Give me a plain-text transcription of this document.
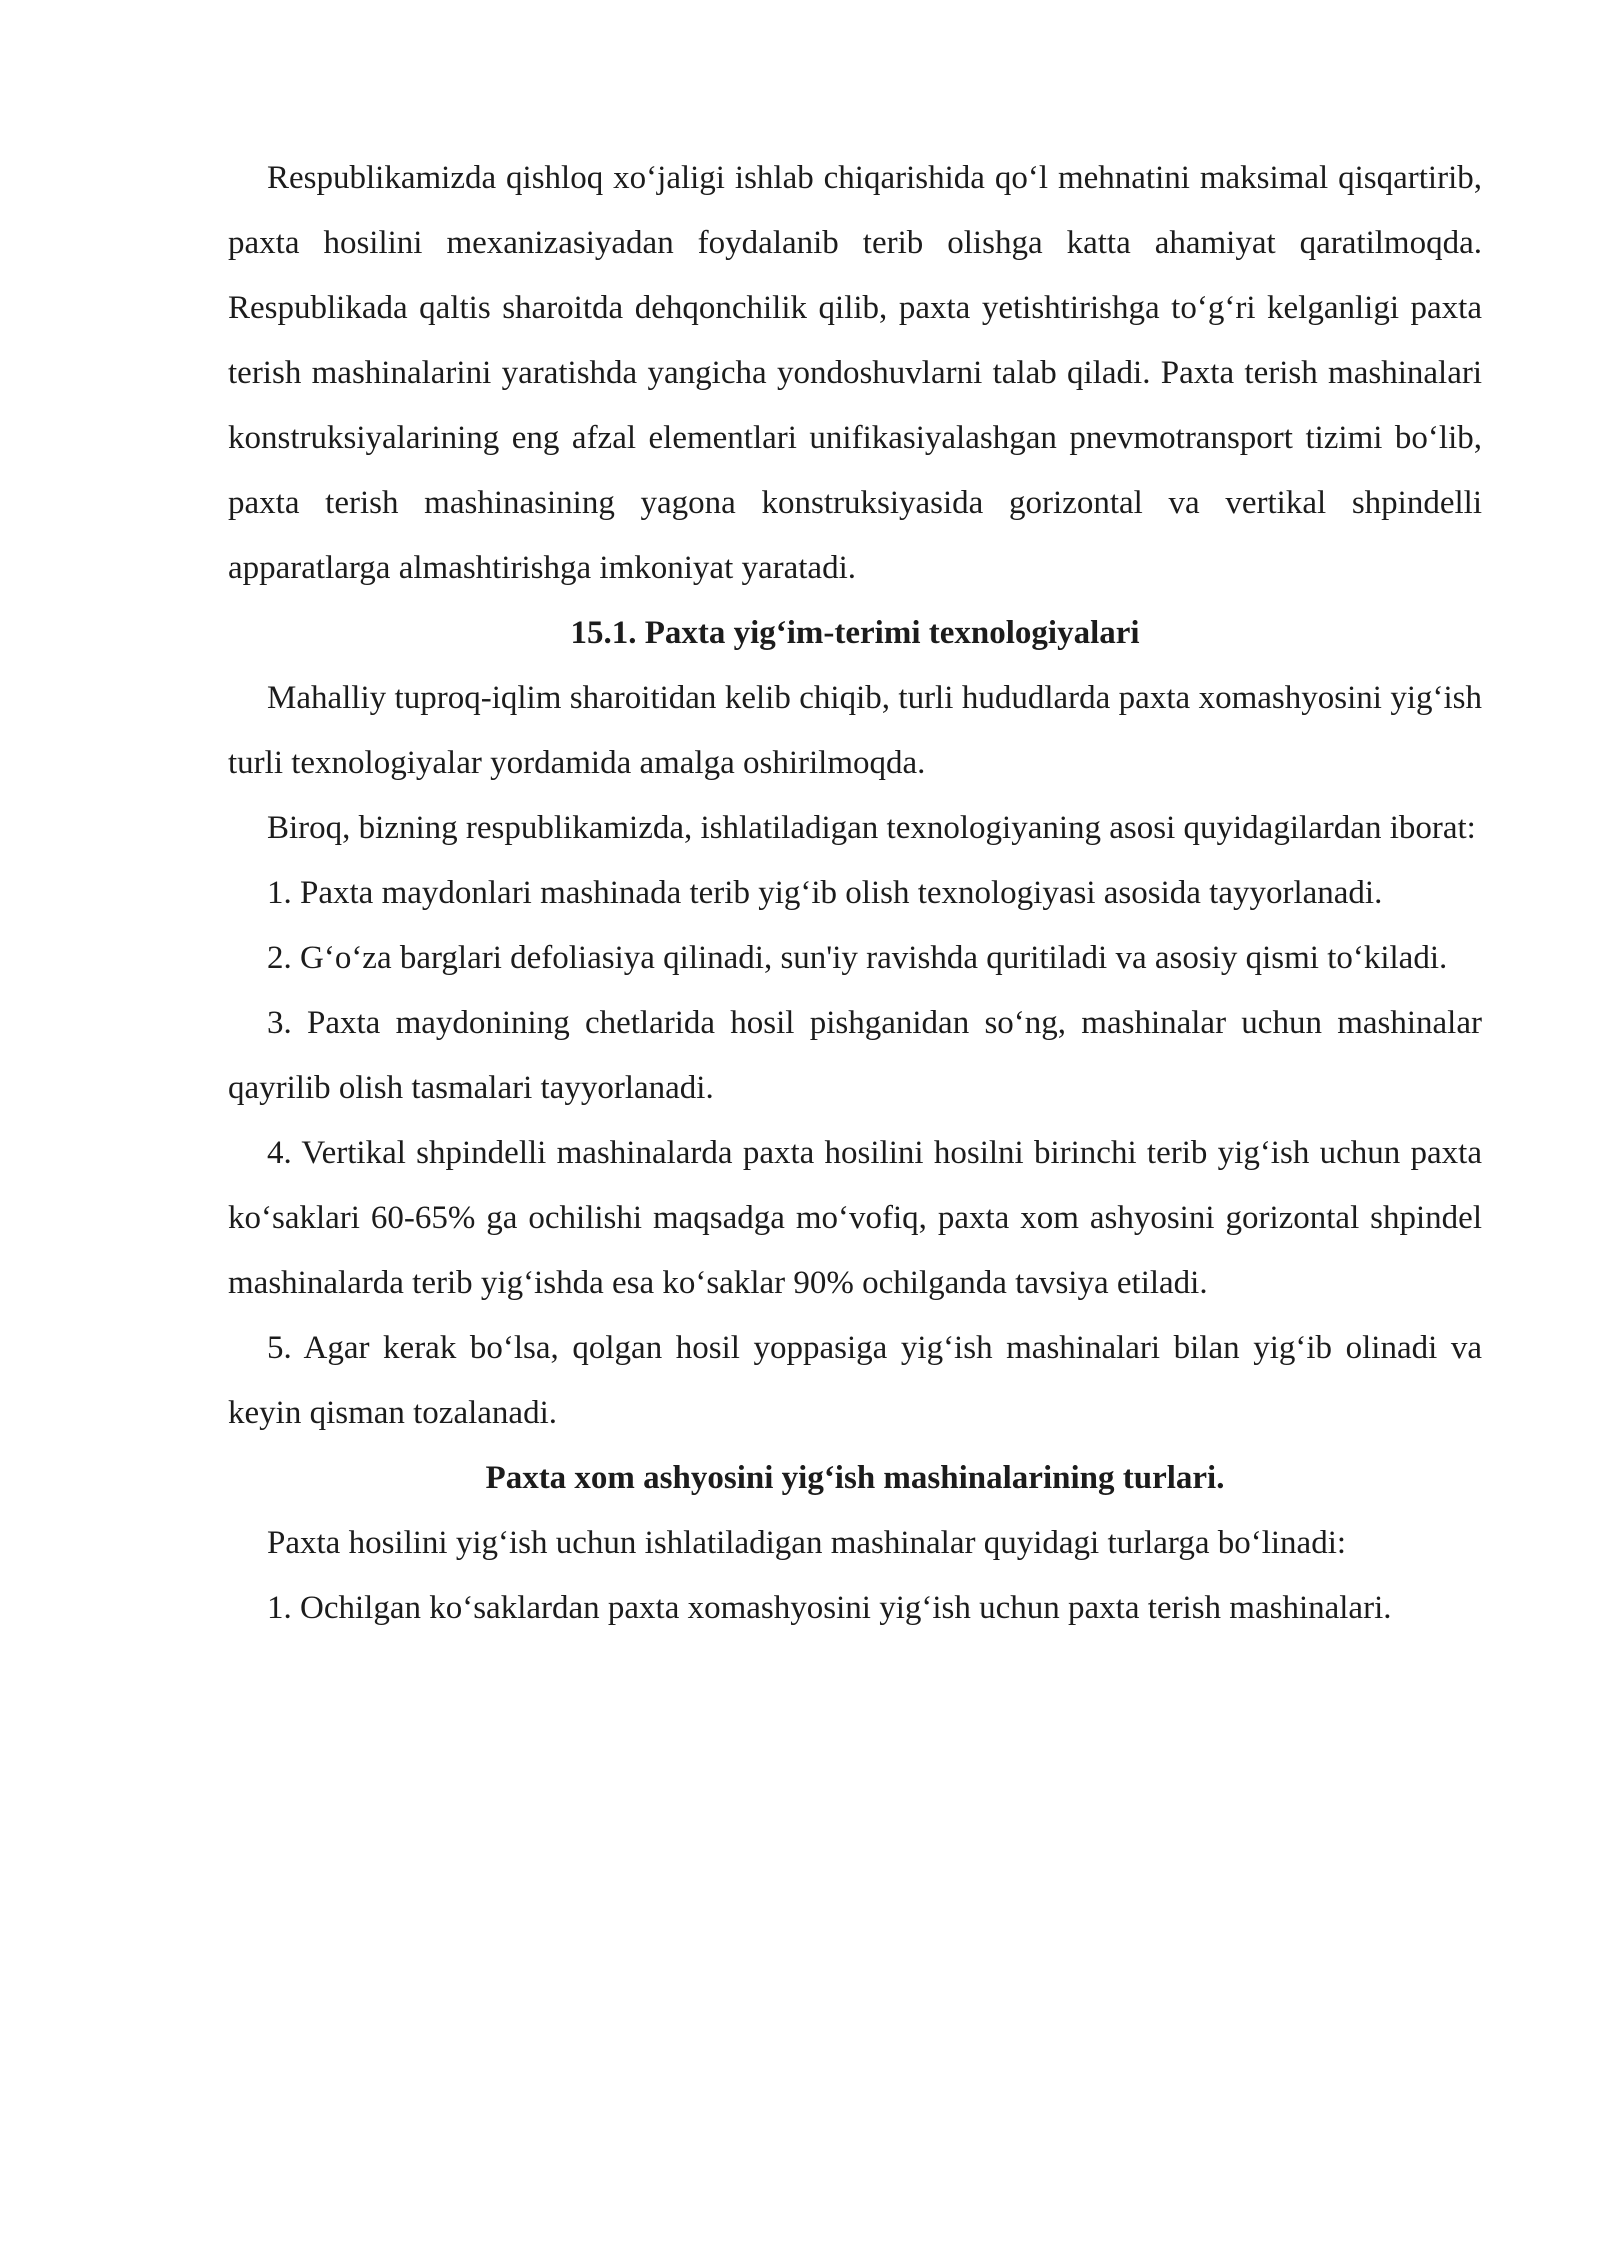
Respublikamizda qishloq xo‘jaligi ishlab chiqarishida qo‘l mehnatini maksimal qisqartirib, paxta hosilini mexanizasiyadan foydalanib terib olishga katta ahamiyat qaratilmoqda. Respublikada qaltis sharoitda dehqonchilik qilib, paxta yetishtirishga to‘g‘ri kelganligi paxta terish mashinalarini yaratishda yangicha yondoshuvlarni talab qiladi. Paxta terish mashinalari konstruksiyalarining eng afzal elementlari unifikasiyalashgan pnevmotransport tizimi bo‘lib, paxta terish mashinasining yagona konstruksiyasida gorizontal va vertikal shpindelli apparatlarga almashtirishga imkoniyat yaratadi.

15.1. Paxta yig‘im-terimi texnologiyalari

Mahalliy tuproq-iqlim sharoitidan kelib chiqib, turli hududlarda paxta xomashyosini yig‘ish turli texnologiyalar yordamida amalga oshirilmoqda.

Biroq, bizning respublikamizda, ishlatiladigan texnologiyaning asosi quyidagilardan iborat:

1. Paxta maydonlari mashinada terib yig‘ib olish texnologiyasi asosida tayyorlanadi.

2. G‘o‘za barglari defoliasiya qilinadi, sun'iy ravishda quritiladi va asosiy qismi to‘kiladi.

3. Paxta maydonining chetlarida hosil pishganidan so‘ng, mashinalar uchun mashinalar qayrilib olish tasmalari tayyorlanadi.

4. Vertikal shpindelli mashinalarda paxta hosilini hosilni birinchi terib yig‘ish uchun paxta ko‘saklari 60-65% ga ochilishi maqsadga mo‘vofiq, paxta xom ashyosini gorizontal shpindel mashinalarda terib yig‘ishda esa ko‘saklar 90% ochilganda tavsiya etiladi.

5. Agar kerak bo‘lsa, qolgan hosil yoppasiga yig‘ish mashinalari bilan yig‘ib olinadi va keyin qisman tozalanadi.

Paxta xom ashyosini yig‘ish mashinalarining turlari.

Paxta hosilini yig‘ish uchun ishlatiladigan mashinalar quyidagi turlarga bo‘linadi:

1. Ochilgan ko‘saklardan paxta xomashyosini yig‘ish uchun paxta terish mashinalari.
